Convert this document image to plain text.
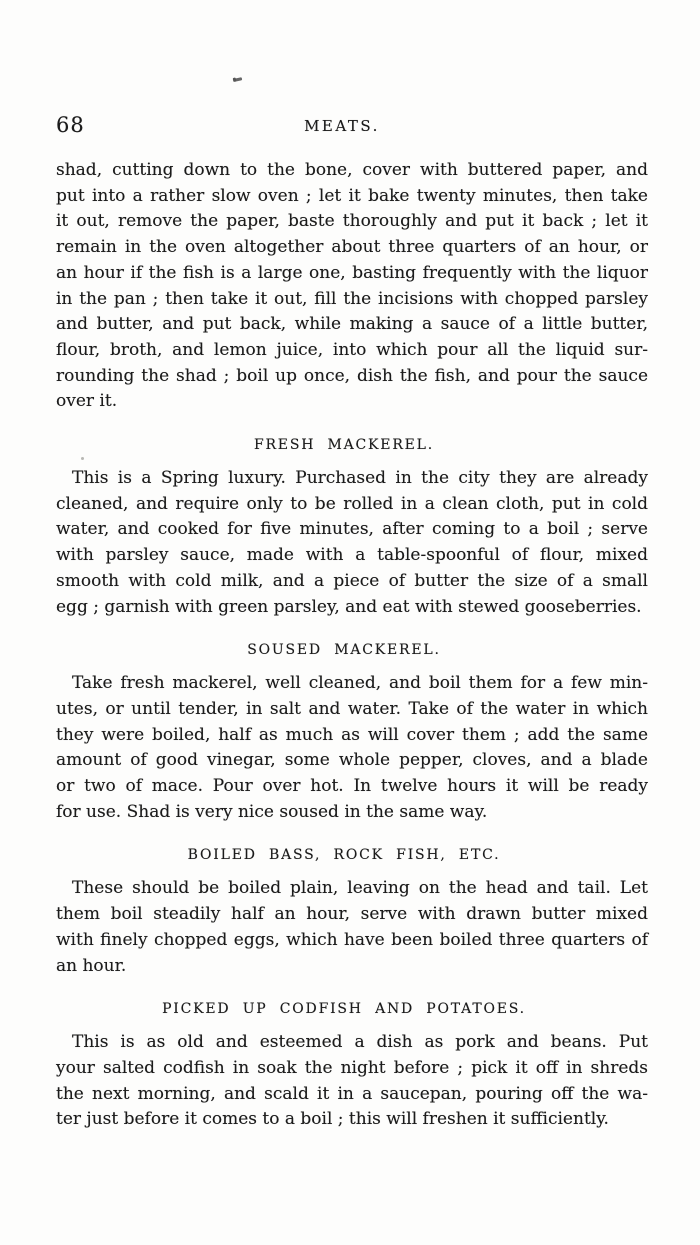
68	MEATS.

shad, cutting down to the bone, cover with buttered paper, and
put into a rather slow oven ; let it bake twenty minutes, then take
it out, remove the paper, baste thoroughly and put it back ; let it
remain in the oven altogether about three quarters of an hour, or
an hour if the fish is a large one, basting frequently with the liquor
in the pan ; then take it out, fill the incisions with chopped parsley
and butter, and put back, while making a sauce of a little butter,
flour, broth, and lemon juice, into which pour all the liquid sur-
rounding the shad ; boil up once, dish the fish, and pour the sauce
over it.

FRESH MACKEREL.

This is a Spring luxury. Purchased in the city they are already
cleaned, and require only to be rolled in a clean cloth, put in cold
water, and cooked for five minutes, after coming to a boil ; serve
with parsley sauce, made with a table-spoonful of flour, mixed
smooth with cold milk, and a piece of butter the size of a small
egg ; garnish with green parsley, and eat with stewed gooseberries.

SOUSED MACKEREL.

Take fresh mackerel, well cleaned, and boil them for a few min-
utes, or until tender, in salt and water. Take of the water in which
they were boiled, half as much as will cover them ; add the same
amount of good vinegar, some whole pepper, cloves, and a blade
or two of mace. Pour over hot. In twelve hours it will be ready
for use. Shad is very nice soused in the same way.

BOILED BASS, ROCK FISH, ETC.

These should be boiled plain, leaving on the head and tail. Let
them boil steadily half an hour, serve with drawn butter mixed
with finely chopped eggs, which have been boiled three quarters of
an hour.

PICKED UP CODFISH AND POTATOES.

This is as old and esteemed a dish as pork and beans. Put
your salted codfish in soak the night before ; pick it off in shreds
the next morning, and scald it in a saucepan, pouring off the wa-
ter just before it comes to a boil ; this will freshen it sufficiently.
